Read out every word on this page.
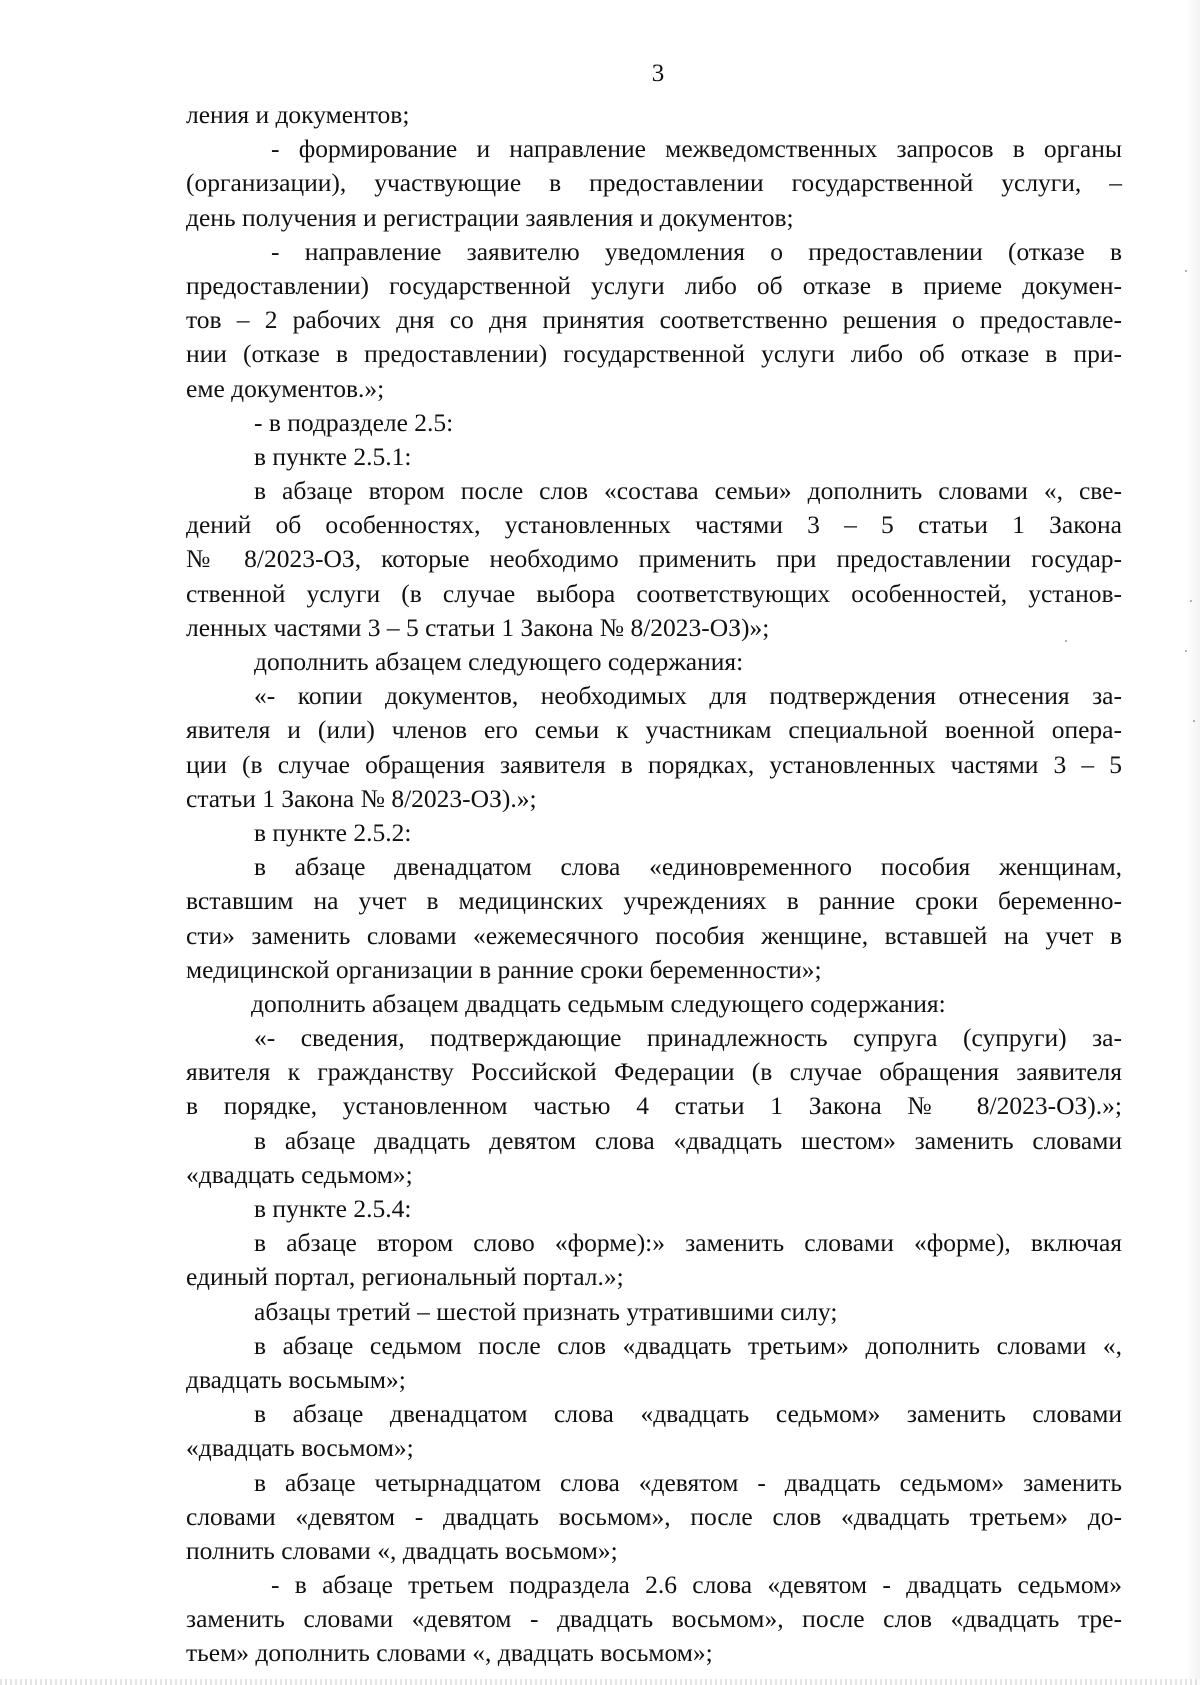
3
ления и документов;
- формирование и направление межведомственных запросов в органы
(организации), участвующие в предоставлении государственной услуги, –
день получения и регистрации заявления и документов;
- направление заявителю уведомления о предоставлении (отказе в
предоставлении) государственной услуги либо об отказе в приеме докумен-
тов – 2 рабочих дня со дня принятия соответственно решения о предоставле-
нии (отказе в предоставлении) государственной услуги либо об отказе в при-
еме документов.»;
- в подразделе 2.5:
в пункте 2.5.1:
в абзаце втором после слов «состава семьи» дополнить словами «, све-
дений об особенностях, установленных частями 3 – 5 статьи 1 Закона
№ 8/2023-ОЗ, которые необходимо применить при предоставлении государ-
ственной услуги (в случае выбора соответствующих особенностей, установ-
ленных частями 3 – 5 статьи 1 Закона № 8/2023-ОЗ)»;
дополнить абзацем следующего содержания:
«- копии документов, необходимых для подтверждения отнесения за-
явителя и (или) членов его семьи к участникам специальной военной опера-
ции (в случае обращения заявителя в порядках, установленных частями 3 – 5
статьи 1 Закона № 8/2023-ОЗ).»;
в пункте 2.5.2:
в абзаце двенадцатом слова «единовременного пособия женщинам,
вставшим на учет в медицинских учреждениях в ранние сроки беременно-
сти» заменить словами «ежемесячного пособия женщине, вставшей на учет в
медицинской организации в ранние сроки беременности»;
дополнить абзацем двадцать седьмым следующего содержания:
«- сведения, подтверждающие принадлежность супруга (супруги) за-
явителя к гражданству Российской Федерации (в случае обращения заявителя
в порядке, установленном частью 4 статьи 1 Закона № 8/2023-ОЗ).»;
в абзаце двадцать девятом слова «двадцать шестом» заменить словами
«двадцать седьмом»;
в пункте 2.5.4:
в абзаце втором слово «форме):» заменить словами «форме), включая
единый портал, региональный портал.»;
абзацы третий – шестой признать утратившими силу;
в абзаце седьмом после слов «двадцать третьим» дополнить словами «,
двадцать восьмым»;
в абзаце двенадцатом слова «двадцать седьмом» заменить словами
«двадцать восьмом»;
в абзаце четырнадцатом слова «девятом - двадцать седьмом» заменить
словами «девятом - двадцать восьмом», после слов «двадцать третьем» до-
полнить словами «, двадцать восьмом»;
- в абзаце третьем подраздела 2.6 слова «девятом - двадцать седьмом»
заменить словами «девятом - двадцать восьмом», после слов «двадцать тре-
тьем» дополнить словами «, двадцать восьмом»;
